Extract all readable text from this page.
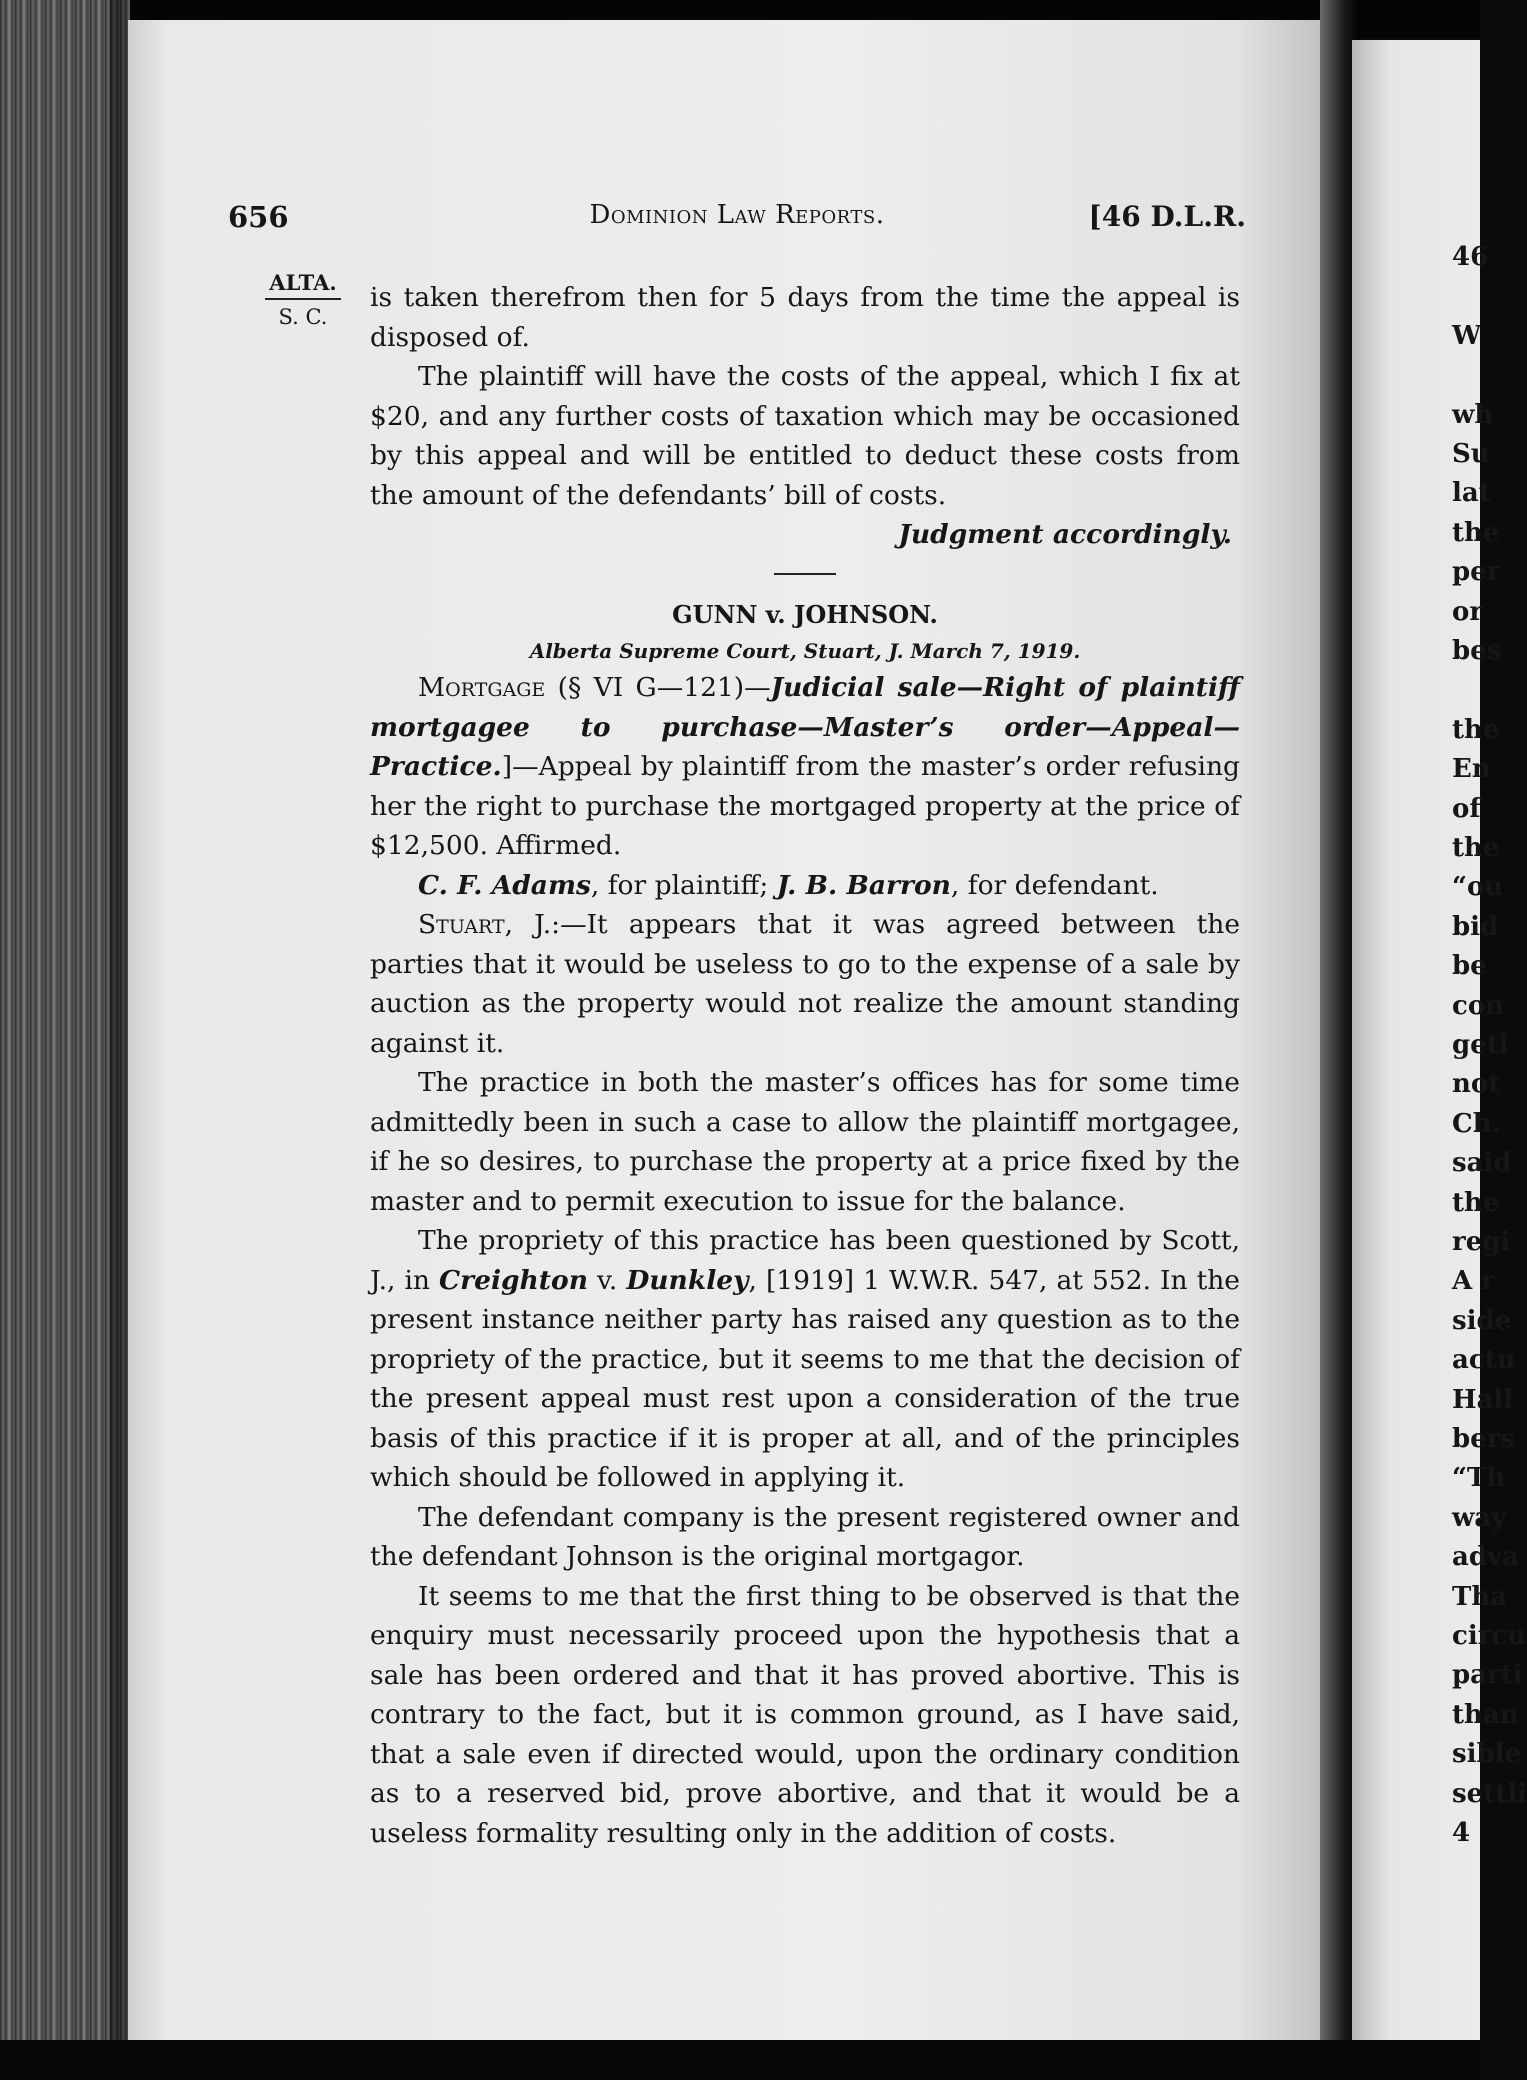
46
W
wh
Su
lat
the
per
or
bes
the
En
of
the
“ou
bid
be
con
getl
not
Ch.
said
the
regi
A r
side
actu
Hall
bers
“Th
way
adva
Tha
circu
parti
than
sible
settli
4
656	Dominion Law Reports.	[46 D.L.R.
ALTA.
S. C.

is taken therefrom then for 5 days from the time the appeal is disposed of.

The plaintiff will have the costs of the appeal, which I fix at $20, and any further costs of taxation which may be occasioned by this appeal and will be entitled to deduct these costs from the amount of the defendants’ bill of costs.

Judgment accordingly.

GUNN v. JOHNSON.

Alberta Supreme Court, Stuart, J. March 7, 1919.

Mortgage (§ VI G—121)—Judicial sale—Right of plaintiff mortgagee to purchase—Master’s order—Appeal—Practice.]—Appeal by plaintiff from the master’s order refusing her the right to purchase the mortgaged property at the price of $12,500. Affirmed.

C. F. Adams, for plaintiff; J. B. Barron, for defendant.

Stuart, J.:—It appears that it was agreed between the parties that it would be useless to go to the expense of a sale by auction as the property would not realize the amount standing against it.

The practice in both the master’s offices has for some time admittedly been in such a case to allow the plaintiff mortgagee, if he so desires, to purchase the property at a price fixed by the master and to permit execution to issue for the balance.

The propriety of this practice has been questioned by Scott, J., in Creighton v. Dunkley, [1919] 1 W.W.R. 547, at 552. In the present instance neither party has raised any question as to the propriety of the practice, but it seems to me that the decision of the present appeal must rest upon a consideration of the true basis of this practice if it is proper at all, and of the principles which should be followed in applying it.

The defendant company is the present registered owner and the defendant Johnson is the original mortgagor.

It seems to me that the first thing to be observed is that the enquiry must necessarily proceed upon the hypothesis that a sale has been ordered and that it has proved abortive. This is contrary to the fact, but it is common ground, as I have said, that a sale even if directed would, upon the ordinary condition as to a reserved bid, prove abortive, and that it would be a useless formality resulting only in the addition of costs.
